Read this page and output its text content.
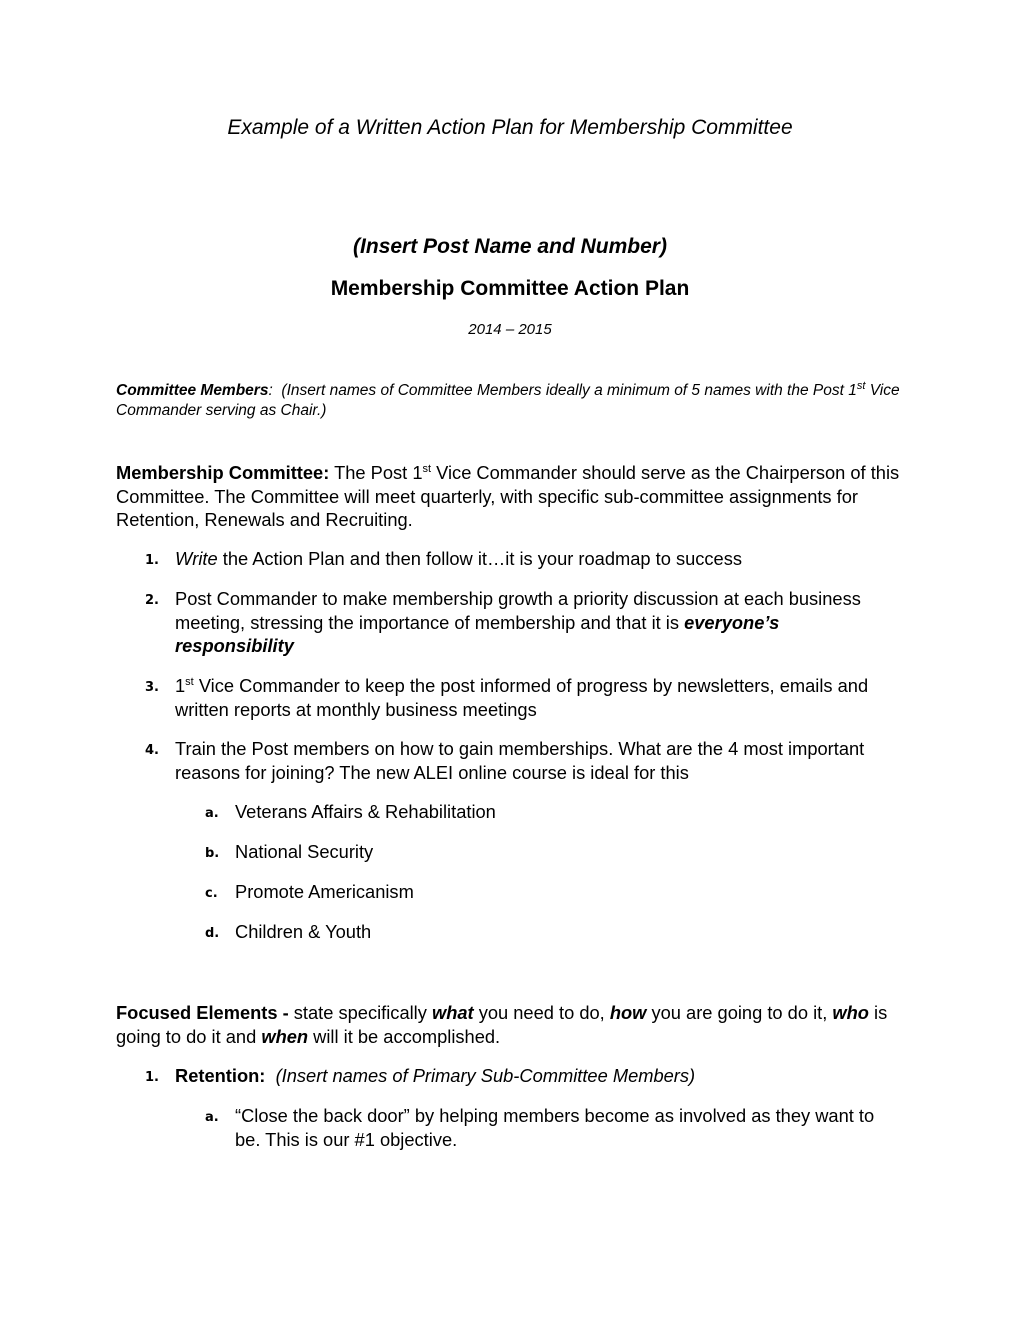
Example of a Written Action Plan for Membership Committee
(Insert Post Name and Number)
Membership Committee Action Plan
2014 – 2015
Committee Members: (Insert names of Committee Members ideally a minimum of 5 names with the Post 1st Vice Commander serving as Chair.)
Membership Committee: The Post 1st Vice Commander should serve as the Chairperson of this Committee. The Committee will meet quarterly, with specific sub-committee assignments for Retention, Renewals and Recruiting.
1. Write the Action Plan and then follow it…it is your roadmap to success
2. Post Commander to make membership growth a priority discussion at each business meeting, stressing the importance of membership and that it is everyone’s responsibility
3. 1st Vice Commander to keep the post informed of progress by newsletters, emails and written reports at monthly business meetings
4. Train the Post members on how to gain memberships. What are the 4 most important reasons for joining? The new ALEI online course is ideal for this
a. Veterans Affairs & Rehabilitation
b. National Security
c. Promote Americanism
d. Children & Youth
Focused Elements - state specifically what you need to do, how you are going to do it, who is going to do it and when will it be accomplished.
1. Retention: (Insert names of Primary Sub-Committee Members)
a. “Close the back door” by helping members become as involved as they want to be. This is our #1 objective.
